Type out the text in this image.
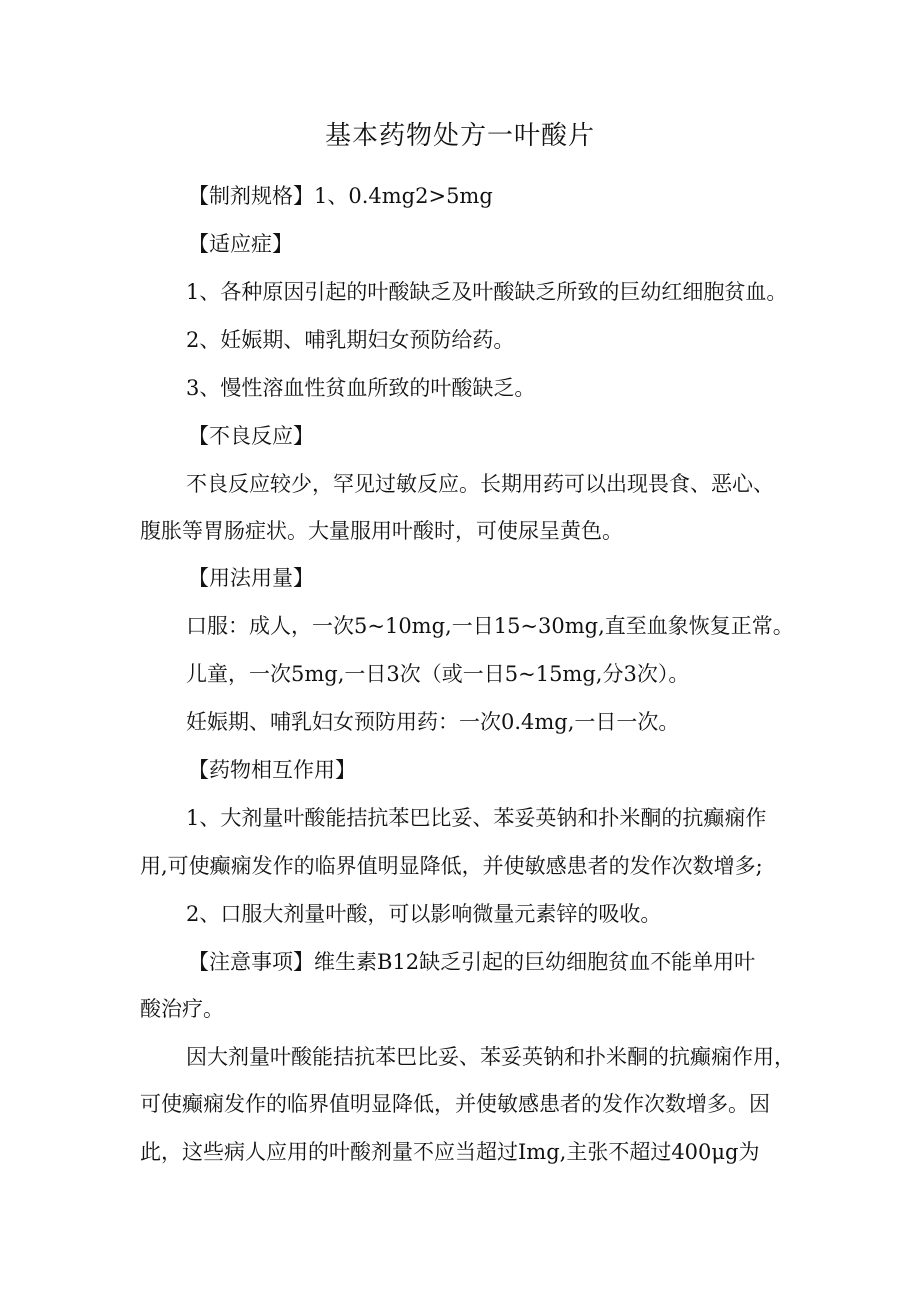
基本药物处方一叶酸片
【制剂规格】1、0.4mg2>5mg
【适应症】
1、各种原因引起的叶酸缺乏及叶酸缺乏所致的巨幼红细胞贫血。
2、妊娠期、哺乳期妇女预防给药。
3、慢性溶血性贫血所致的叶酸缺乏。
【不良反应】
不良反应较少，罕见过敏反应。长期用药可以出现畏食、恶心、
腹胀等胃肠症状。大量服用叶酸时，可使尿呈黄色。
【用法用量】
口服：成人，一次5~10mg,一日15~30mg,直至血象恢复正常。
儿童，一次5mg,一日3次（或一日5~15mg,分3次）。
妊娠期、哺乳妇女预防用药：一次0.4mg,一日一次。
【药物相互作用】
1、大剂量叶酸能拮抗苯巴比妥、苯妥英钠和扑米酮的抗癫痫作
用,可使癫痫发作的临界值明显降低，并使敏感患者的发作次数增多;
2、口服大剂量叶酸，可以影响微量元素锌的吸收。
【注意事项】维生素B12缺乏引起的巨幼细胞贫血不能单用叶
酸治疗。
因大剂量叶酸能拮抗苯巴比妥、苯妥英钠和扑米酮的抗癫痫作用，
可使癫痫发作的临界值明显降低，并使敏感患者的发作次数增多。因
此，这些病人应用的叶酸剂量不应当超过Img,主张不超过400μg为
